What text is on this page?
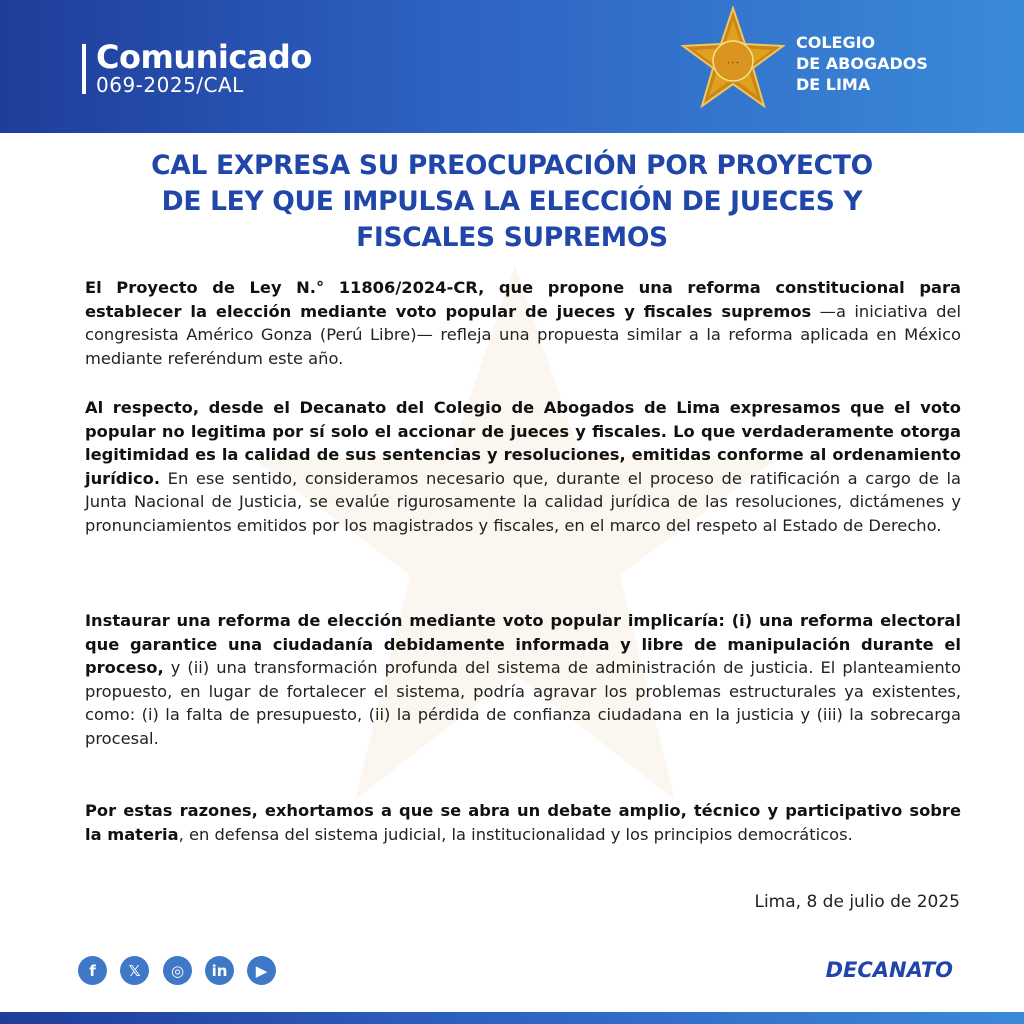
Comunicado
069-2025/CAL
✦ ✦ ✦
COLEGIO
DE ABOGADOS
DE LIMA
CAL EXPRESA SU PREOCUPACIÓN POR PROYECTO
DE LEY QUE IMPULSA LA ELECCIÓN DE JUECES Y
FISCALES SUPREMOS
El Proyecto de Ley N.° 11806/2024-CR, que propone una reforma constitucional para establecer la elección mediante voto popular de jueces y fiscales supremos —a iniciativa del congresista Américo Gonza (Perú Libre)— refleja una propuesta similar a la reforma aplicada en México mediante referéndum este año.
Al respecto, desde el Decanato del Colegio de Abogados de Lima expresamos que el voto popular no legitima por sí solo el accionar de jueces y fiscales. Lo que verdaderamente otorga legitimidad es la calidad de sus sentencias y resoluciones, emitidas conforme al ordenamiento jurídico. En ese sentido, consideramos necesario que, durante el proceso de ratificación a cargo de la Junta Nacional de Justicia, se evalúe rigurosamente la calidad jurídica de las resoluciones, dictámenes y pronunciamientos emitidos por los magistrados y fiscales, en el marco del respeto al Estado de Derecho.
Instaurar una reforma de elección mediante voto popular implicaría: (i) una reforma electoral que garantice una ciudadanía debidamente informada y libre de manipulación durante el proceso, y (ii) una transformación profunda del sistema de administración de justicia. El planteamiento propuesto, en lugar de fortalecer el sistema, podría agravar los problemas estructurales ya existentes, como: (i) la falta de presupuesto, (ii) la pérdida de confianza ciudadana en la justicia y (iii) la sobrecarga procesal.
Por estas razones, exhortamos a que se abra un debate amplio, técnico y participativo sobre la materia, en defensa del sistema judicial, la institucionalidad y los principios democráticos.
Lima, 8 de julio de 2025
f	𝕏	◎	in	▶	DECANATO
